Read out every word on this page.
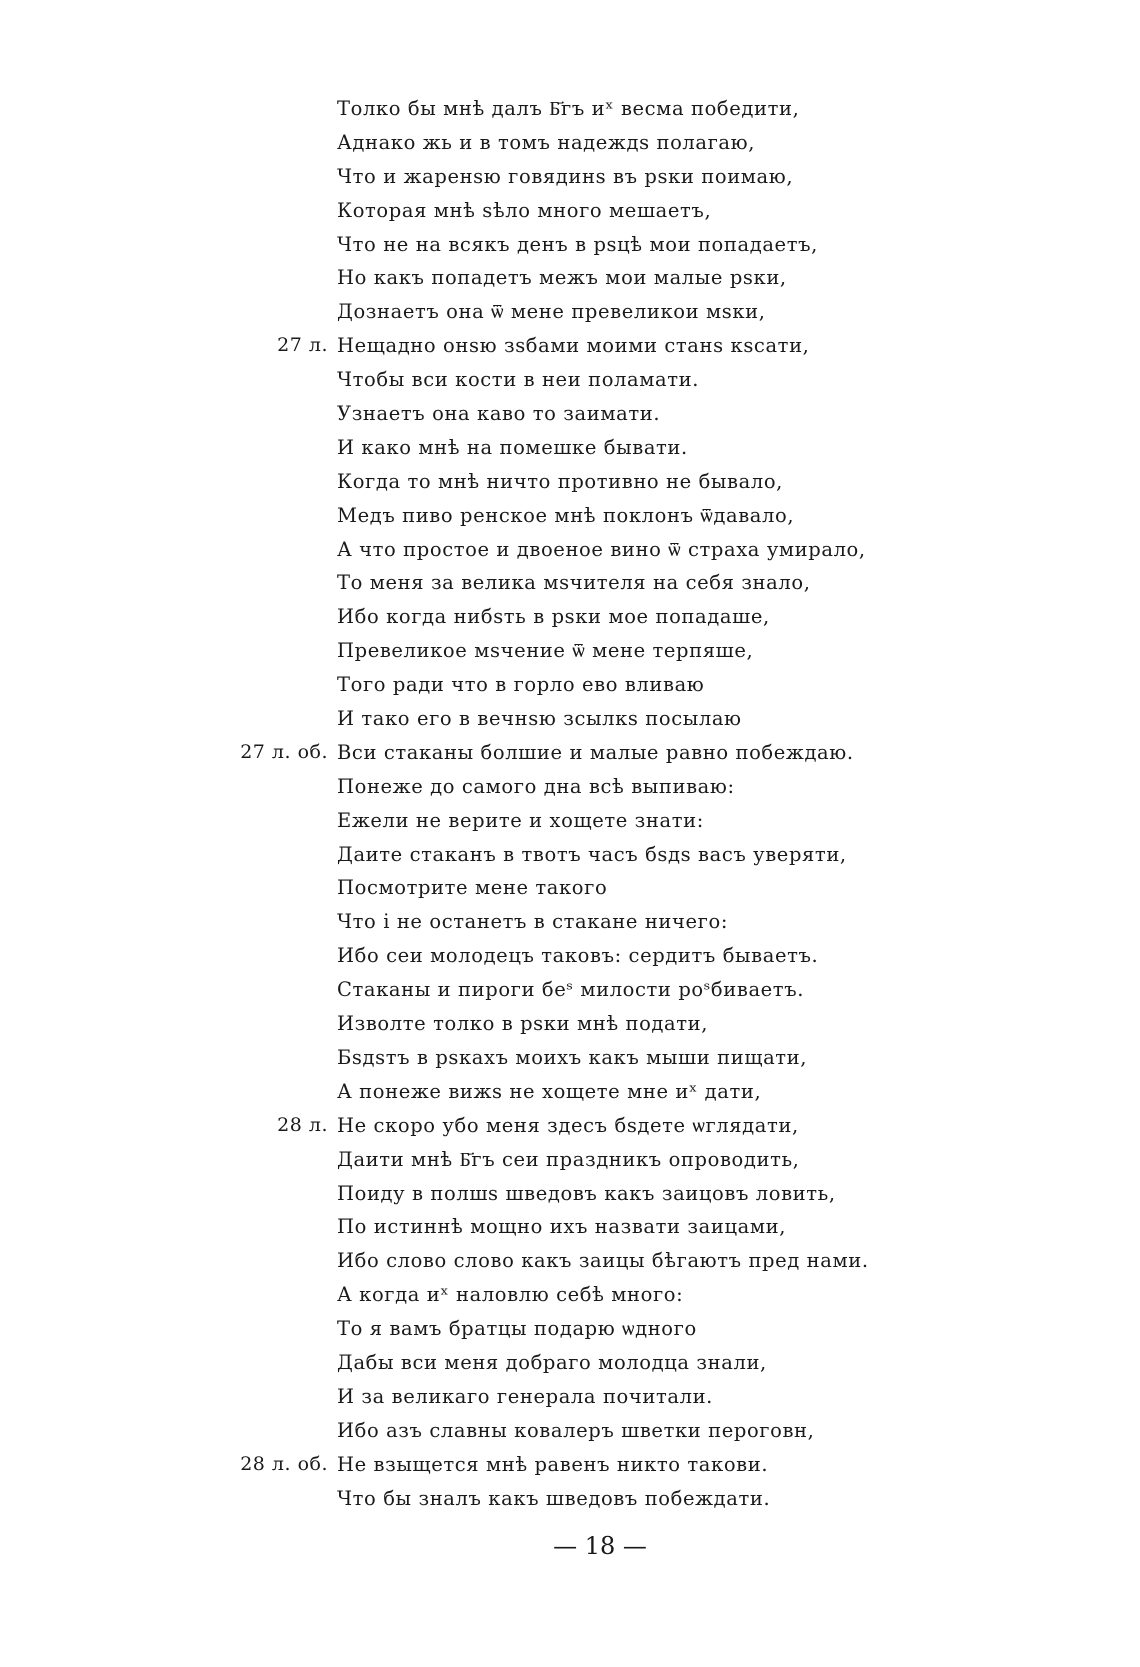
Толко бы мнѣ далъ Б҃гъ иˣ весма победити,
Аднако жь и в томъ надеждѕ полагаю,
Что и жаренѕю говядинѕ въ рѕки поимаю,
Которая мнѣ ѕѣло много мешаетъ,
Что не на всякъ денъ в рѕцѣ мои попадаетъ,
Но какъ попадетъ межъ мои малые рѕки,
Дознаетъ она ѿ мене превеликои мѕки,
27 л. Нещадно онѕю зѕбами моими станѕ кѕсати,
Чтобы вси кости в неи поламати.
Узнаетъ она каво то заимати.
И како мнѣ на помешке бывати.
Когда то мнѣ ничто противно не бывало,
Медъ пиво ренское мнѣ поклонъ ѿдавало,
А что простое и двоеное вино ѿ страха умирало,
То меня за велика мѕчителя на себя знало,
Ибо когда нибѕть в рѕки мое попадаше,
Превеликое мѕчение ѿ мене терпяше,
Того ради что в горло ево вливаю
И тако его в вечнѕю зсылкѕ посылаю
27 л. об. Вси стаканы болшие и малые равно побеждаю.
Понеже до самого дна всѣ выпиваю:
Ежели не верите и хощете знати:
Даите стаканъ в твотъ часъ бѕдѕ васъ уверяти,
Посмотрите мене такого
Что і не останетъ в стакане ничего:
Ибо сеи молодецъ таковъ: сердитъ бываетъ.
Стаканы и пироги беˢ милости роˢбиваетъ.
Изволте толко в рѕки мнѣ подати,
Бѕдѕтъ в рѕкахъ моихъ какъ мыши пищати,
А понеже вижѕ не хощете мне иˣ дати,
28 л. Не скоро убо меня здесъ бѕдете ѡглядати,
Даити мнѣ Б҃гъ сеи праздникъ опроводить,
Поиду в полшѕ шведовъ какъ заицовъ ловить,
По истиннѣ мощно ихъ назвати заицами,
Ибо слово слово какъ заицы бѣгаютъ пред нами.
А когда иˣ наловлю себѣ много:
То я вамъ братцы подарю ѡдного
Дабы вси меня добраго молодца знали,
И за великаго генерала почитали.
Ибо азъ славны ковалеръ шветки пероговн,
28 л. об. Не взыщется мнѣ равенъ никто такови.
Что бы зналъ какъ шведовъ побеждати.
— 18 —
